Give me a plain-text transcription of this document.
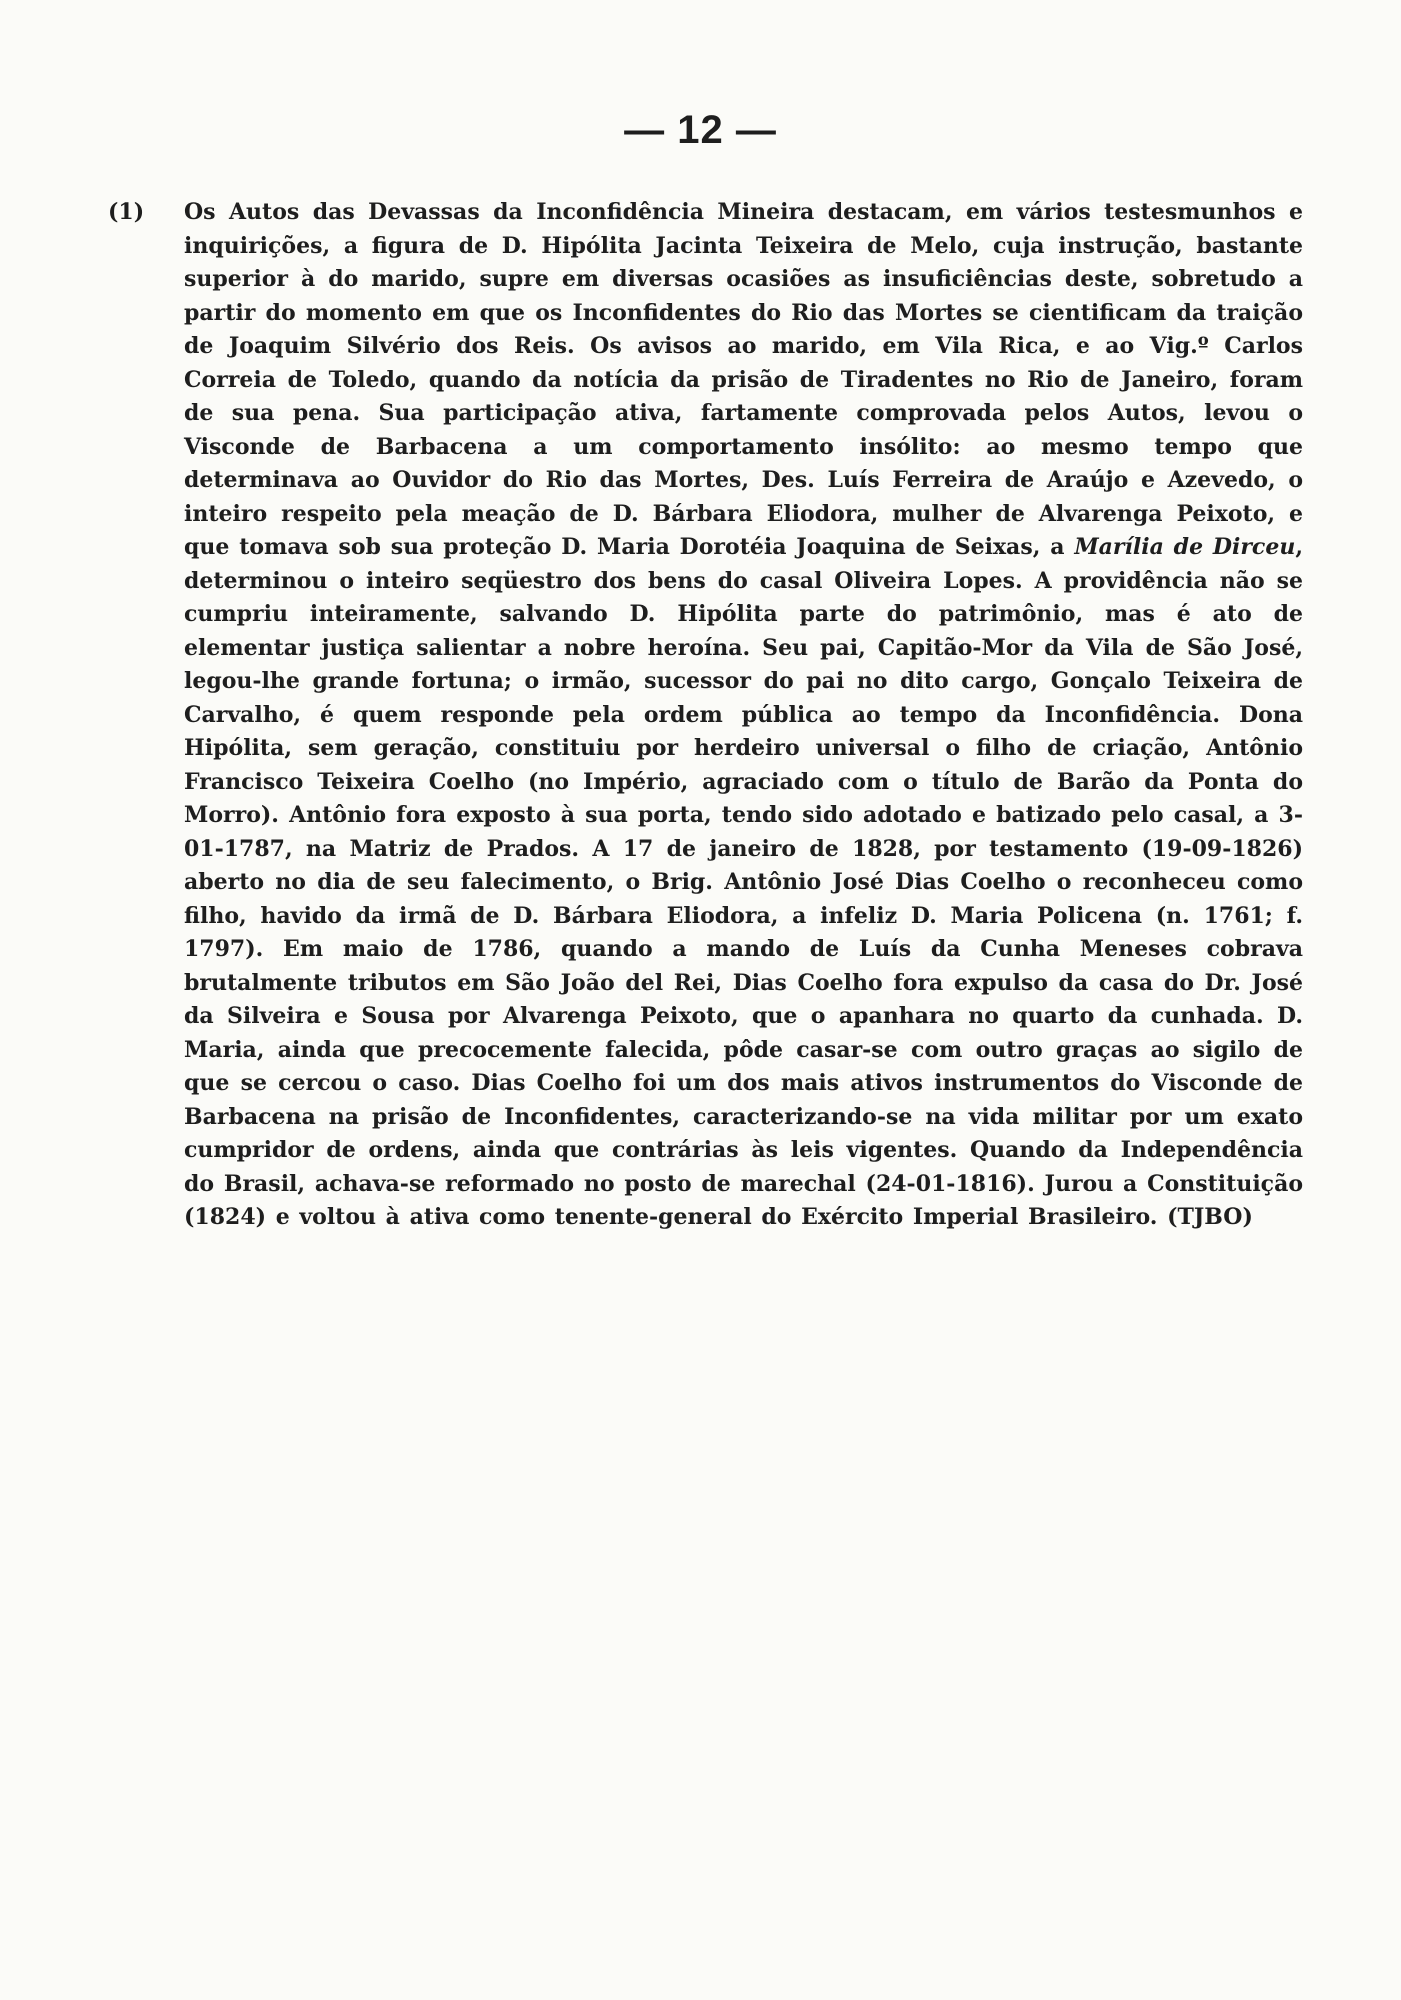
— 12 —
(1) Os Autos das Devassas da Inconfidência Mineira destacam, em vários testesmunhos e inquirições, a figura de D. Hipólita Jacinta Teixeira de Melo, cuja instrução, bastante superior à do marido, supre em diversas ocasiões as insuficiências deste, sobretudo a partir do momento em que os Inconfidentes do Rio das Mortes se cientificam da traição de Joaquim Silvério dos Reis. Os avisos ao marido, em Vila Rica, e ao Vig.º Carlos Correia de Toledo, quando da notícia da prisão de Tiradentes no Rio de Janeiro, foram de sua pena. Sua participação ativa, fartamente comprovada pelos Autos, levou o Visconde de Barbacena a um comportamento insólito: ao mesmo tempo que determinava ao Ouvidor do Rio das Mortes, Des. Luís Ferreira de Araújo e Azevedo, o inteiro respeito pela meação de D. Bárbara Eliodora, mulher de Alvarenga Peixoto, e que tomava sob sua proteção D. Maria Dorotéia Joaquina de Seixas, a Marília de Dirceu, determinou o inteiro seqüestro dos bens do casal Oliveira Lopes. A providência não se cumpriu inteiramente, salvando D. Hipólita parte do patrimônio, mas é ato de elementar justiça salientar a nobre heroína. Seu pai, Capitão-Mor da Vila de São José, legou-lhe grande fortuna; o irmão, sucessor do pai no dito cargo, Gonçalo Teixeira de Carvalho, é quem responde pela ordem pública ao tempo da Inconfidência. Dona Hipólita, sem geração, constituiu por herdeiro universal o filho de criação, Antônio Francisco Teixeira Coelho (no Império, agraciado com o título de Barão da Ponta do Morro). Antônio fora exposto à sua porta, tendo sido adotado e batizado pelo casal, a 3-01-1787, na Matriz de Prados. A 17 de janeiro de 1828, por testamento (19-09-1826) aberto no dia de seu falecimento, o Brig. Antônio José Dias Coelho o reconheceu como filho, havido da irmã de D. Bárbara Eliodora, a infeliz D. Maria Policena (n. 1761; f. 1797). Em maio de 1786, quando a mando de Luís da Cunha Meneses cobrava brutalmente tributos em São João del Rei, Dias Coelho fora expulso da casa do Dr. José da Silveira e Sousa por Alvarenga Peixoto, que o apanhara no quarto da cunhada. D. Maria, ainda que precocemente falecida, pôde casar-se com outro graças ao sigilo de que se cercou o caso. Dias Coelho foi um dos mais ativos instrumentos do Visconde de Barbacena na prisão de Inconfidentes, caracterizando-se na vida militar por um exato cumpridor de ordens, ainda que contrárias às leis vigentes. Quando da Independência do Brasil, achava-se reformado no posto de marechal (24-01-1816). Jurou a Constituição (1824) e voltou à ativa como tenente-general do Exército Imperial Brasileiro. (TJBO)
